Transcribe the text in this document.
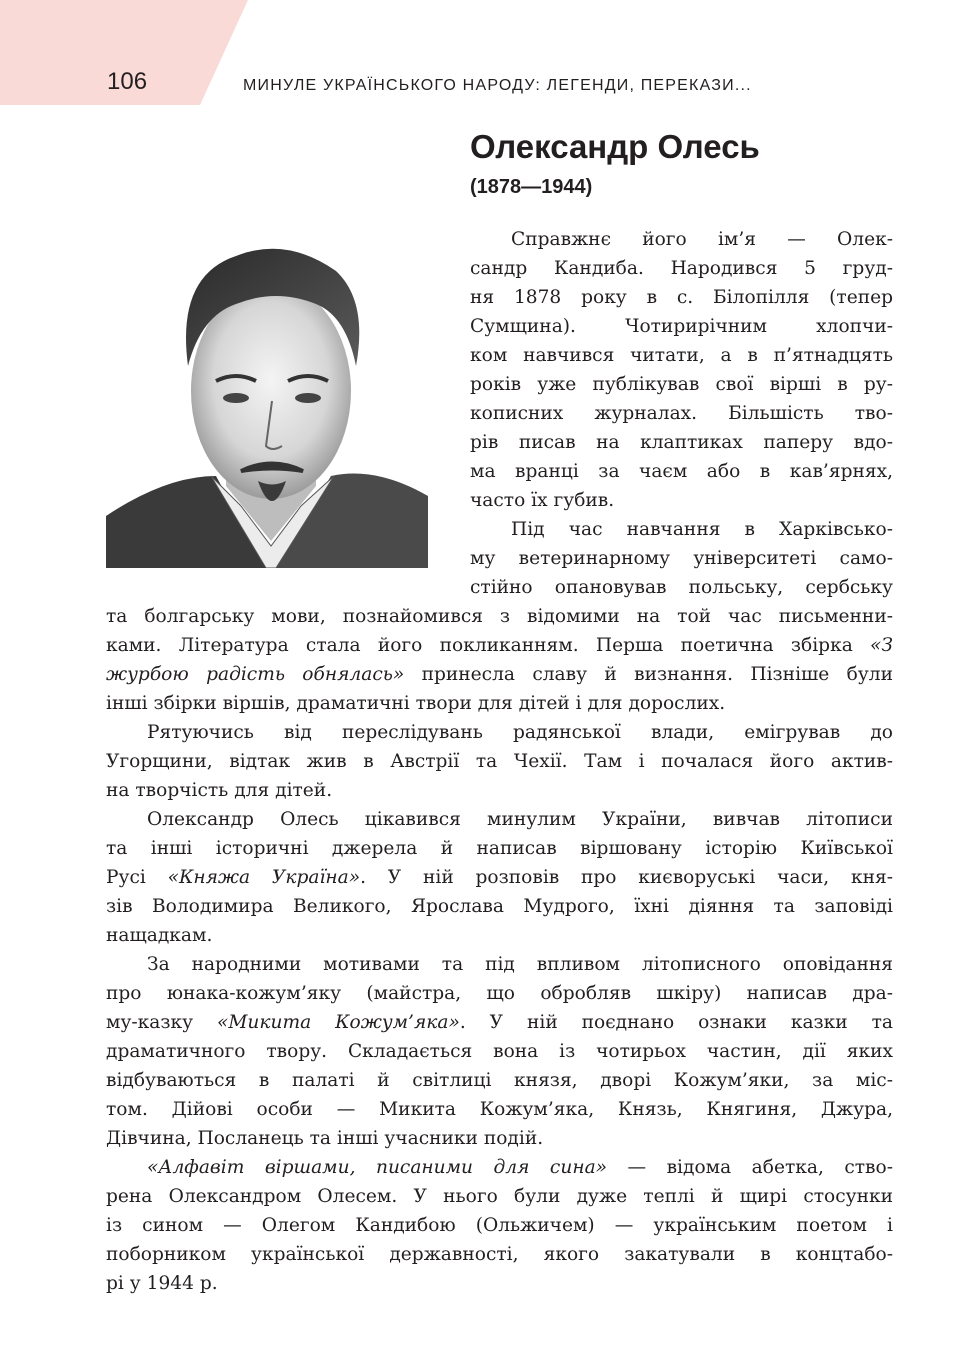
106	МИНУЛЕ УКРАЇНСЬКОГО НАРОДУ: ЛЕГЕНДИ, ПЕРЕКАЗИ...
Олександр Олесь
(1878—1944)
Справжнє його ім’я — Олек-
сандр Кандиба. Народився 5 груд-
ня 1878 року в с. Білопілля (тепер
Сумщина). Чотирирічним хлопчи-
ком навчився читати, а в п’ятнадцять
років уже публікував свої вірші в ру-
кописних журналах. Більшість тво-
рів писав на клаптиках паперу вдо-
ма вранці за чаєм або в кав’ярнях,
часто їх губив.
Під час навчання в Харківсько-
му ветеринарному університеті само-
стійно опановував польську, сербську
та болгарську мови, познайомився з відомими на той час письменни-
ками. Література стала його покликанням. Перша поетична збірка «З
журбою радість обнялась» принесла славу й визнання. Пізніше були
інші збірки віршів, драматичні твори для дітей і для дорослих.
Рятуючись від переслідувань радянської влади, емігрував до
Угорщини, відтак жив в Австрії та Чехії. Там і почалася його актив-
на творчість для дітей.
Олександр Олесь цікавився минулим України, вивчав літописи
та інші історичні джерела й написав віршовану історію Київської
Русі «Княжа Україна». У ній розповів про києворуські часи, кня-
зів Володимира Великого, Ярослава Мудрого, їхні діяння та заповіді
нащадкам.
За народними мотивами та під впливом літописного оповідання
про юнака-кожум’яку (майстра, що обробляв шкіру) написав дра-
му-казку «Микита Кожум’яка». У ній поєднано ознаки казки та
драматичного твору. Складається вона із чотирьох частин, дії яких
відбуваються в палаті й світлиці князя, дворі Кожум’яки, за міс-
том. Дійові особи — Микита Кожум’яка, Князь, Княгиня, Джура,
Дівчина, Посланець та інші учасники подій.
«Алфавіт віршами, писаними для сина» — відома абетка, ство-
рена Олександром Олесем. У нього були дуже теплі й щирі стосунки
із сином — Олегом Кандибою (Ольжичем) — українським поетом і
поборником української державності, якого закатували в концтабо-
рі у 1944 р.
